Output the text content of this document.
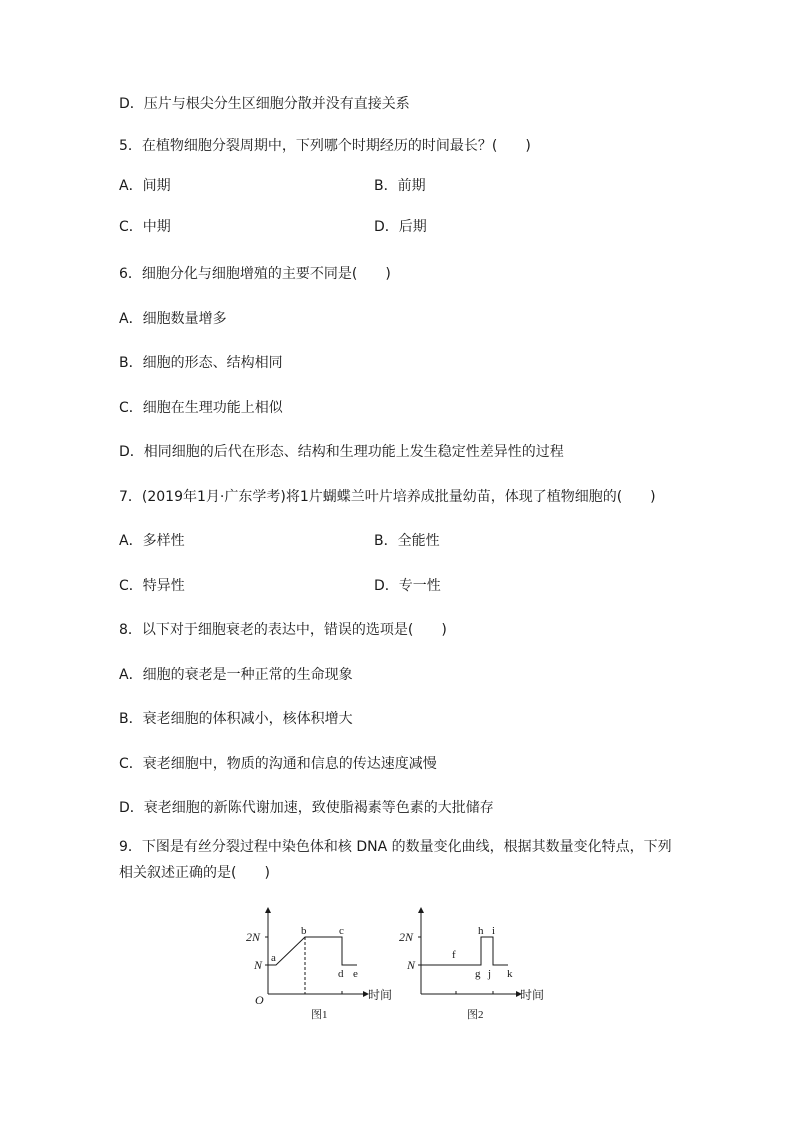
D．压片与根尖分生区细胞分散并没有直接关系
5．在植物细胞分裂周期中，下列哪个时期经历的时间最长？(　　)
A．间期	B．前期
C．中期	D．后期
6．细胞分化与细胞增殖的主要不同是(　　)
A．细胞数量增多
B．细胞的形态、结构相同
C．细胞在生理功能上相似
D．相同细胞的后代在形态、结构和生理功能上发生稳定性差异性的过程
7．(2019年1月·广东学考)将1片蝴蝶兰叶片培养成批量幼苗，体现了植物细胞的(　　)
A．多样性	B．全能性
C．特异性	D．专一性
8．以下对于细胞衰老的表达中，错误的选项是(　　)
A．细胞的衰老是一种正常的生命现象
B．衰老细胞的体积减小，核体积增大
C．衰老细胞中，物质的沟通和信息的传达速度减慢
D．衰老细胞的新陈代谢加速，致使脂褐素等色素的大批储存
9．下图是有丝分裂过程中染色体和核 DNA 的数量变化曲线，根据其数量变化特点，下列
相关叙述正确的是(　　)
2N
N
O	时间
a
b	c
d e
图1
2N
N
时间
f
g
h i
j k
图2
